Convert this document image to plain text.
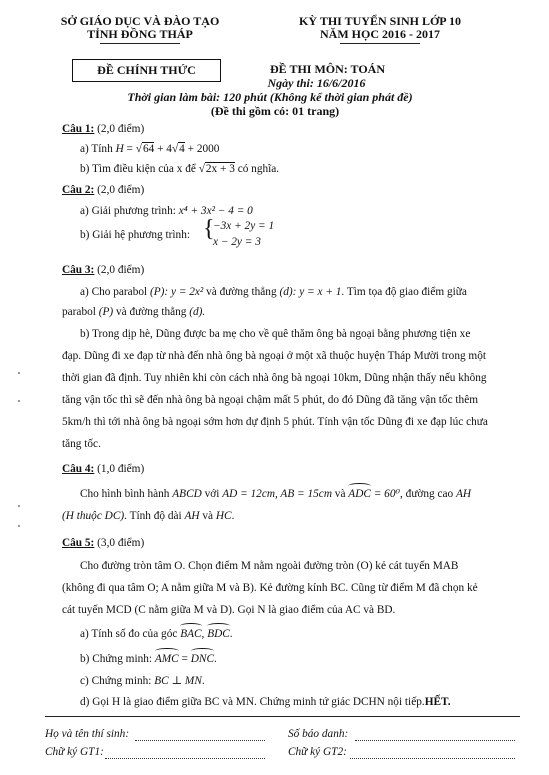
SỞ GIÁO DỤC VÀ ĐÀO TẠO
TỈNH ĐỒNG THÁP
KỲ THI TUYỂN SINH LỚP 10
NĂM HỌC 2016 - 2017
ĐỀ CHÍNH THỨC	ĐỀ THI MÔN: TOÁN
Ngày thi: 16/6/2016
Thời gian làm bài: 120 phút (Không kể thời gian phát đề)
(Đề thi gồm có: 01 trang)
Câu 1: (2,0 điểm)
a) Tính H = √64 + 4√4 + 2000
b) Tìm điều kiện của x để √2x + 3 có nghĩa.
Câu 2: (2,0 điểm)
a) Giải phương trình: x⁴ + 3x² − 4 = 0
b) Giải hệ phương trình: {
−3x + 2y = 1
x − 2y = 3
Câu 3: (2,0 điểm)
a) Cho parabol (P): y = 2x² và đường thẳng (d): y = x + 1. Tìm tọa độ giao điểm giữa
parabol (P) và đường thẳng (d).
b) Trong dịp hè, Dũng được ba mẹ cho về quê thăm ông bà ngoại bằng phương tiện xe
đạp. Dũng đi xe đạp từ nhà đến nhà ông bà ngoại ở một xã thuộc huyện Tháp Mười trong một
thời gian đã định. Tuy nhiên khi còn cách nhà ông bà ngoại 10km, Dũng nhận thấy nếu không
tăng vận tốc thì sẽ đến nhà ông bà ngoại chậm mất 5 phút, do đó Dũng đã tăng vận tốc thêm
5km/h thì tới nhà ông bà ngoại sớm hơn dự định 5 phút. Tính vận tốc Dũng đi xe đạp lúc chưa
tăng tốc.
Câu 4: (1,0 điểm)
Cho hình bình hành ABCD với AD = 12cm, AB = 15cm và ADC = 60⁰, đường cao AH
(H thuộc DC). Tính độ dài AH và HC.
Câu 5: (3,0 điểm)
Cho đường tròn tâm O. Chọn điểm M nằm ngoài đường tròn (O) kẻ cát tuyến MAB
(không đi qua tâm O; A nằm giữa M và B). Kẻ đường kính BC. Cũng từ điểm M đã chọn kẻ
cát tuyến MCD (C nằm giữa M và D). Gọi N là giao điểm của AC và BD.
a) Tính số đo của góc BAC, BDC.
b) Chứng minh: AMC = DNC.
c) Chứng minh: BC ⊥ MN.
d) Gọi H là giao điểm giữa BC và MN. Chứng minh tứ giác DCHN nội tiếp.HẾT.
Họ và tên thí sinh:	Số báo danh:
Chữ ký GT1:	Chữ ký GT2:
